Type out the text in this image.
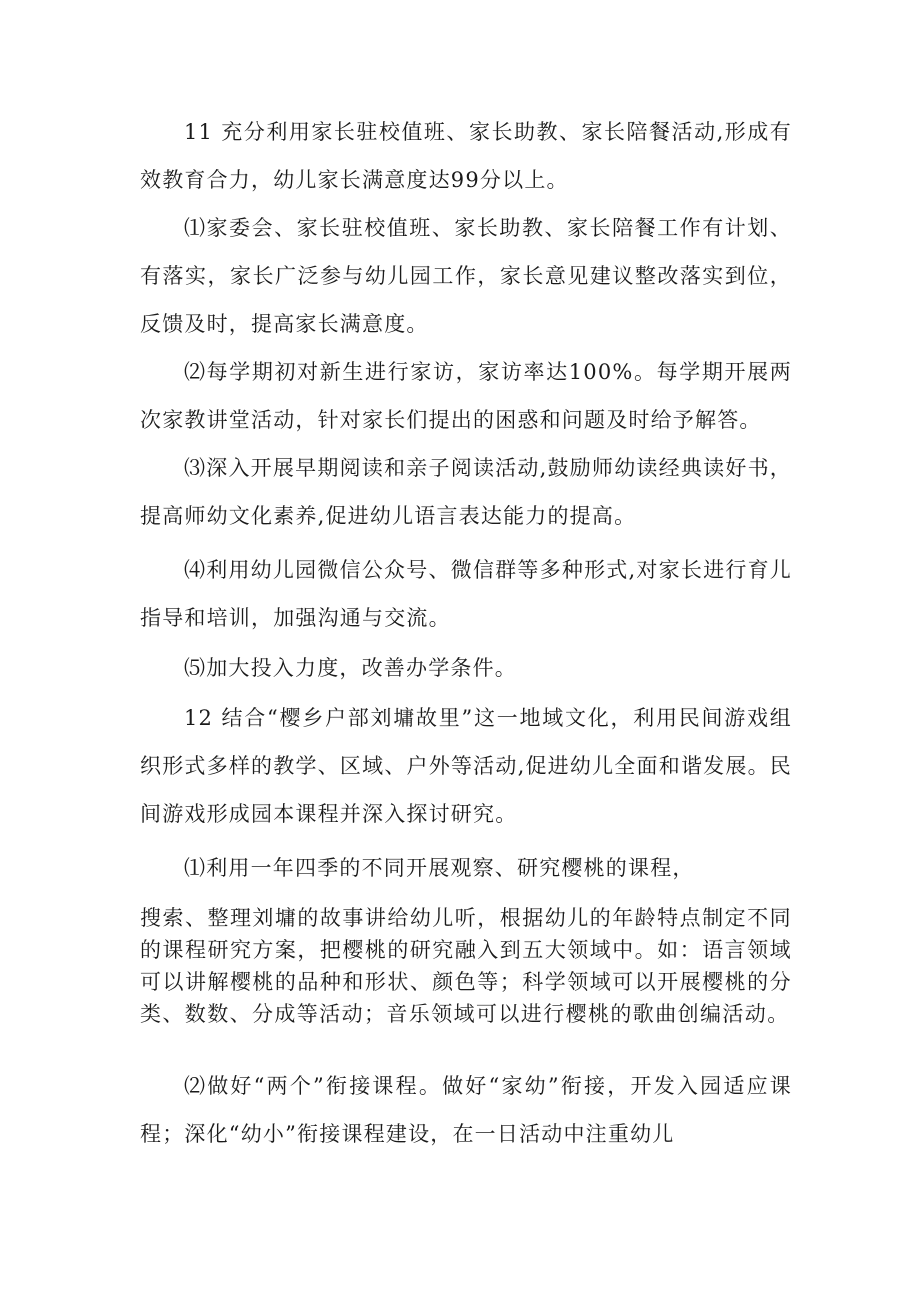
11 充分利用家长驻校值班、家长助教、家长陪餐活动,形成有效教育合力，幼儿家长满意度达99分以上。

⑴家委会、家长驻校值班、家长助教、家长陪餐工作有计划、有落实，家长广泛参与幼儿园工作，家长意见建议整改落实到位，反馈及时，提高家长满意度。

⑵每学期初对新生进行家访，家访率达100%。每学期开展两次家教讲堂活动，针对家长们提出的困惑和问题及时给予解答。

⑶深入开展早期阅读和亲子阅读活动,鼓励师幼读经典读好书，提高师幼文化素养,促进幼儿语言表达能力的提高。

⑷利用幼儿园微信公众号、微信群等多种形式,对家长进行育儿指导和培训，加强沟通与交流。

⑸加大投入力度，改善办学条件。

12 结合“樱乡户部刘墉故里”这一地域文化，利用民间游戏组织形式多样的教学、区域、户外等活动,促进幼儿全面和谐发展。民间游戏形成园本课程并深入探讨研究。

⑴利用一年四季的不同开展观察、研究樱桃的课程，

搜索、整理刘墉的故事讲给幼儿听，根据幼儿的年龄特点制定不同的课程研究方案，把樱桃的研究融入到五大领域中。如：语言领域可以讲解樱桃的品种和形状、颜色等；科学领域可以开展樱桃的分类、数数、分成等活动；音乐领域可以进行樱桃的歌曲创编活动。

⑵做好“两个”衔接课程。做好“家幼”衔接，开发入园适应课程；深化“幼小”衔接课程建设，在一日活动中注重幼儿
